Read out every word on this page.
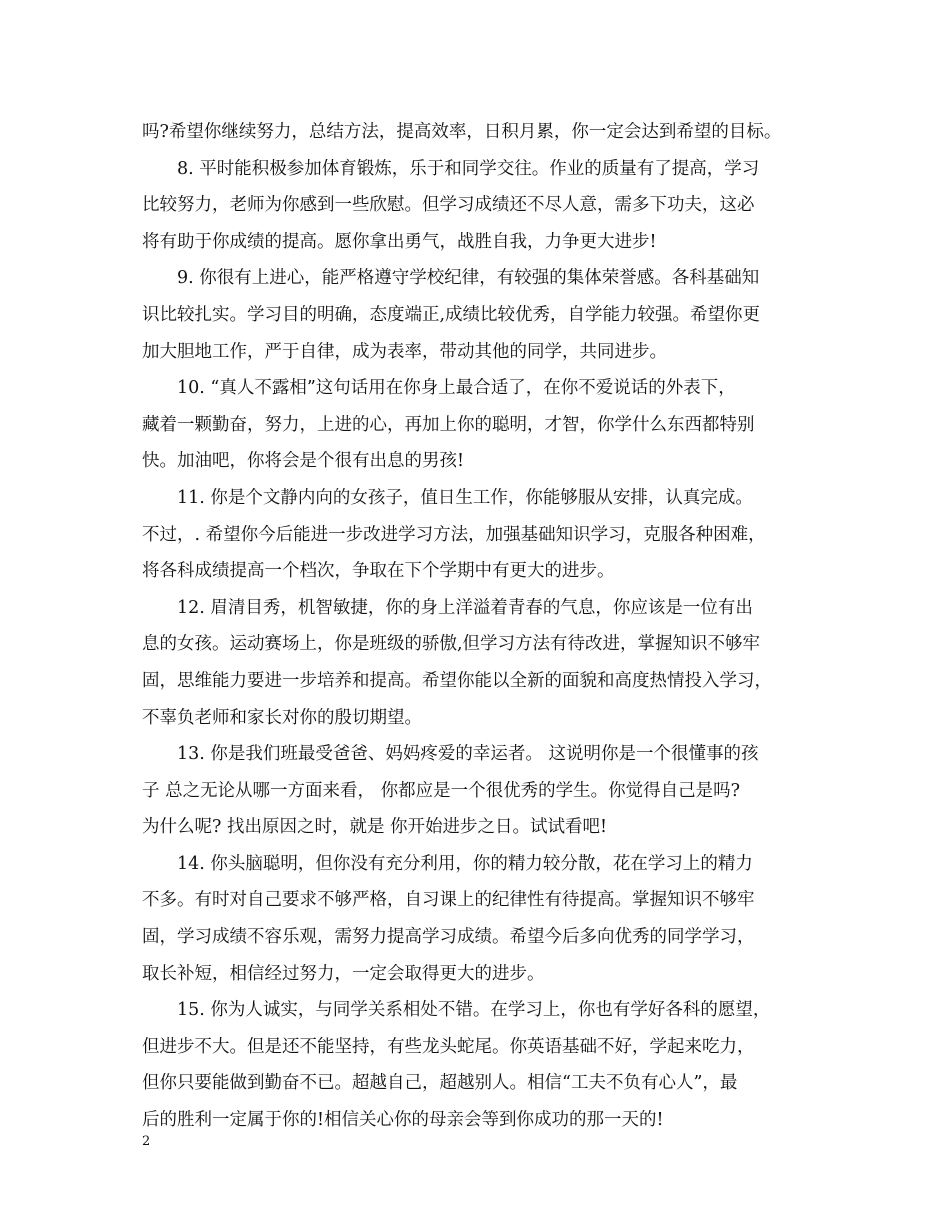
吗?希望你继续努力，总结方法，提高效率，日积月累，你一定会达到希望的目标。
8. 平时能积极参加体育锻炼，乐于和同学交往。作业的质量有了提高，学习
比较努力，老师为你感到一些欣慰。但学习成绩还不尽人意，需多下功夫，这必
将有助于你成绩的提高。愿你拿出勇气，战胜自我，力争更大进步!
9. 你很有上进心，能严格遵守学校纪律，有较强的集体荣誉感。各科基础知
识比较扎实。学习目的明确，态度端正,成绩比较优秀，自学能力较强。希望你更
加大胆地工作，严于自律，成为表率，带动其他的同学，共同进步。
10. “真人不露相”这句话用在你身上最合适了，在你不爱说话的外表下，
藏着一颗勤奋，努力，上进的心，再加上你的聪明，才智，你学什么东西都特别
快。加油吧，你将会是个很有出息的男孩!
11. 你是个文静内向的女孩子，值日生工作，你能够服从安排，认真完成。
不过，. 希望你今后能进一步改进学习方法，加强基础知识学习，克服各种困难，
将各科成绩提高一个档次，争取在下个学期中有更大的进步。
12. 眉清目秀，机智敏捷，你的身上洋溢着青春的气息，你应该是一位有出
息的女孩。运动赛场上，你是班级的骄傲,但学习方法有待改进，掌握知识不够牢
固，思维能力要进一步培养和提高。希望你能以全新的面貌和高度热情投入学习，
不辜负老师和家长对你的殷切期望。
13. 你是我们班最受爸爸、妈妈疼爱的幸运者。 这说明你是一个很懂事的孩
子 总之无论从哪一方面来看， 你都应是一个很优秀的学生。你觉得自己是吗?
为什么呢? 找出原因之时，就是 你开始进步之日。试试看吧!
14. 你头脑聪明，但你没有充分利用，你的精力较分散，花在学习上的精力
不多。有时对自己要求不够严格，自习课上的纪律性有待提高。掌握知识不够牢
固，学习成绩不容乐观，需努力提高学习成绩。希望今后多向优秀的同学学习，
取长补短，相信经过努力，一定会取得更大的进步。
15. 你为人诚实，与同学关系相处不错。在学习上，你也有学好各科的愿望，
但进步不大。但是还不能坚持，有些龙头蛇尾。你英语基础不好，学起来吃力，
但你只要能做到勤奋不已。超越自己，超越别人。相信“工夫不负有心人”，最
后的胜利一定属于你的!相信关心你的母亲会等到你成功的那一天的!
2
